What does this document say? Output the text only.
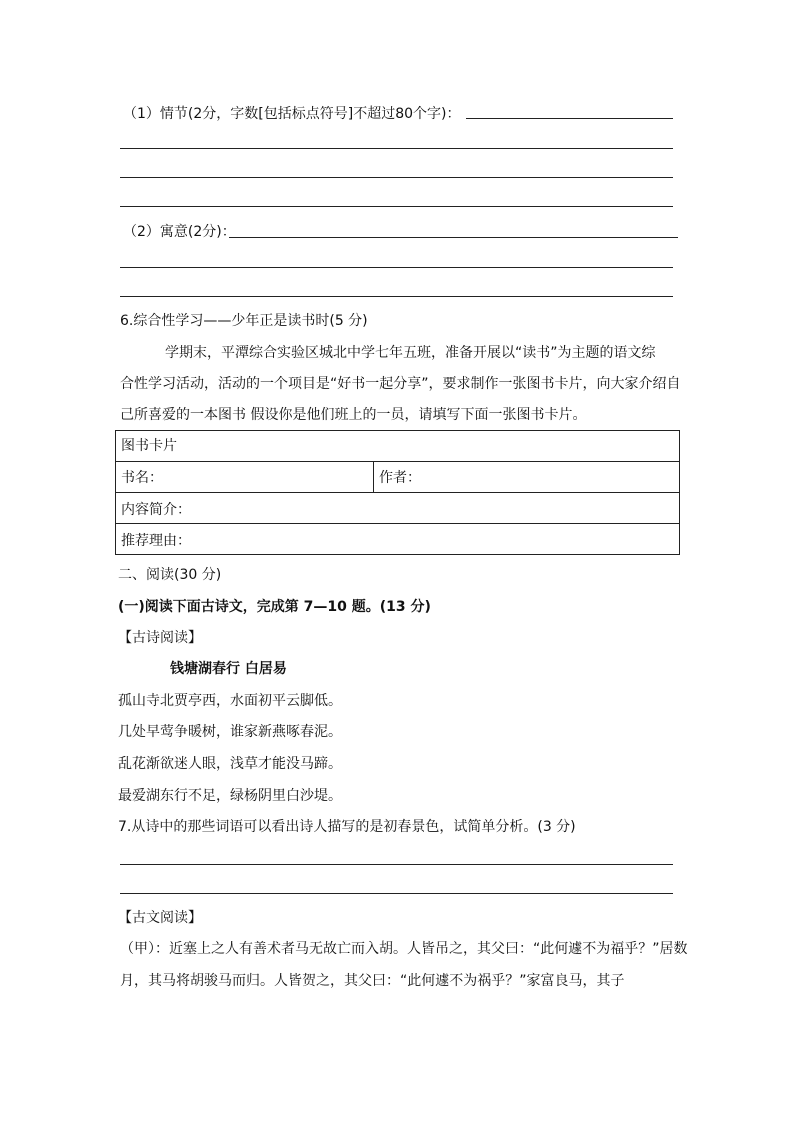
（1）情节(2分，字数[包括标点符号]不超过80个字)：
（2）寓意(2分)：
6.综合性学习——少年正是读书时(5 分)
学期末，平潭综合实验区城北中学七年五班，准备开展以“读书”为主题的语文综
合性学习活动，活动的一个项目是“好书一起分享”，要求制作一张图书卡片，向大家介绍自
己所喜爱的一本图书 假设你是他们班上的一员，请填写下面一张图书卡片。
图书卡片
书名：	作者：
内容简介：
推荐理由：
二、阅读(30 分)
(一)阅读下面古诗文，完成第 7—10 题。(13 分)
【古诗阅读】
钱塘湖春行 白居易
孤山寺北贾亭西，水面初平云脚低。
几处早莺争暖树，谁家新燕啄春泥。
乱花渐欲迷人眼，浅草才能没马蹄。
最爱湖东行不足，绿杨阴里白沙堤。
7.从诗中的那些词语可以看出诗人描写的是初春景色，试简单分析。(3 分)
【古文阅读】
（甲）：近塞上之人有善术者马无故亡而入胡。人皆吊之，其父曰：“此何遽不为福乎？”居数
月，其马将胡骏马而归。人皆贺之，其父曰：“此何遽不为祸乎？”家富良马，其子
